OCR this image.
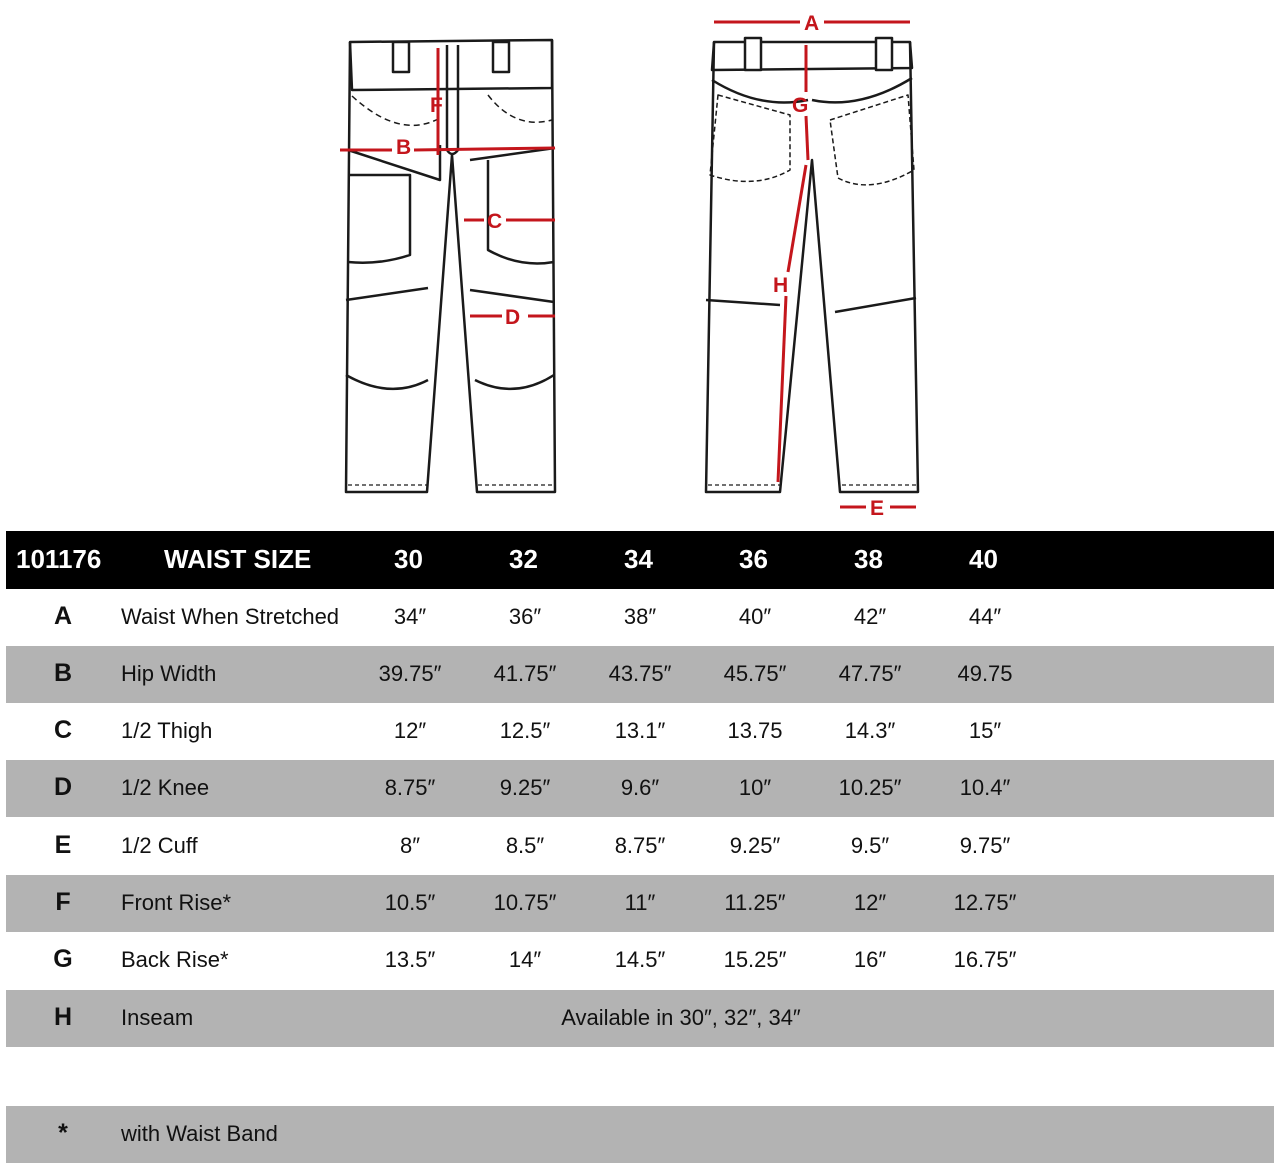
F
B
C
D
A
G
H
E
101176 WAIST SIZE	30	32	34	36	38	40
A Waist When Stretched	34″	36″	38″	40″	42″	44″
B Hip Width	39.75″	41.75″	43.75″	45.75″	47.75″	49.75
C 1/2 Thigh	12″	12.5″	13.1″	13.75	14.3″	15″
D 1/2 Knee	8.75″	9.25″	9.6″	10″	10.25″	10.4″
E 1/2 Cuff	8″	8.5″	8.75″	9.25″	9.5″	9.75″
F Front Rise*	10.5″	10.75″	11″	11.25″	12″	12.75″
G Back Rise*	13.5″	14″	14.5″	15.25″	16″	16.75″
H Inseam	Available in 30″, 32″, 34″
* with Waist Band
